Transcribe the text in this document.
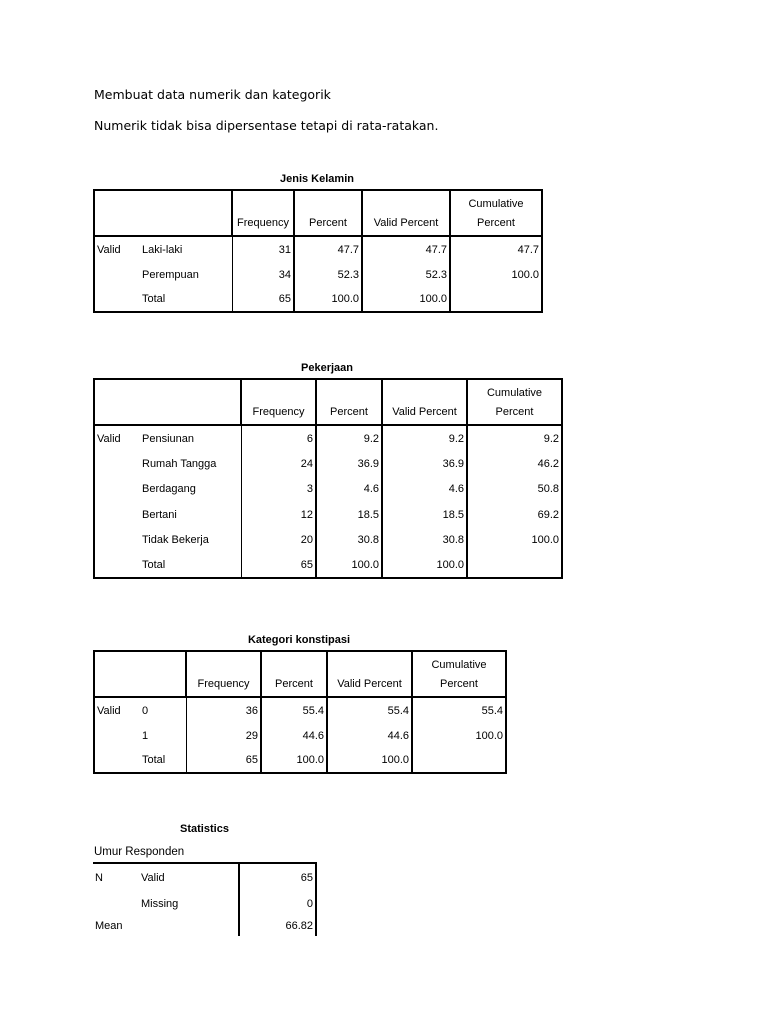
Membuat data numerik dan kategorik
Numerik tidak bisa dipersentase tetapi di rata-ratakan.
Jenis Kelamin
		Frequency	Percent	Valid Percent	Cumulative
Percent
Valid	Laki-laki	31	47.7	47.7	47.7
	Perempuan	34	52.3	52.3	100.0
	Total	65	100.0	100.0	
Pekerjaan
		Frequency	Percent	Valid Percent	Cumulative
Percent
Valid	Pensiunan	6	9.2	9.2	9.2
	Rumah Tangga	24	36.9	36.9	46.2
	Berdagang	3	4.6	4.6	50.8
	Bertani	12	18.5	18.5	69.2
	Tidak Bekerja	20	30.8	30.8	100.0
	Total	65	100.0	100.0	
Kategori konstipasi
		Frequency	Percent	Valid Percent	Cumulative
Percent
Valid	0	36	55.4	55.4	55.4
	1	29	44.6	44.6	100.0
	Total	65	100.0	100.0	
Statistics
Umur Responden
N	Valid	65
	Missing	0
Mean		66.82
